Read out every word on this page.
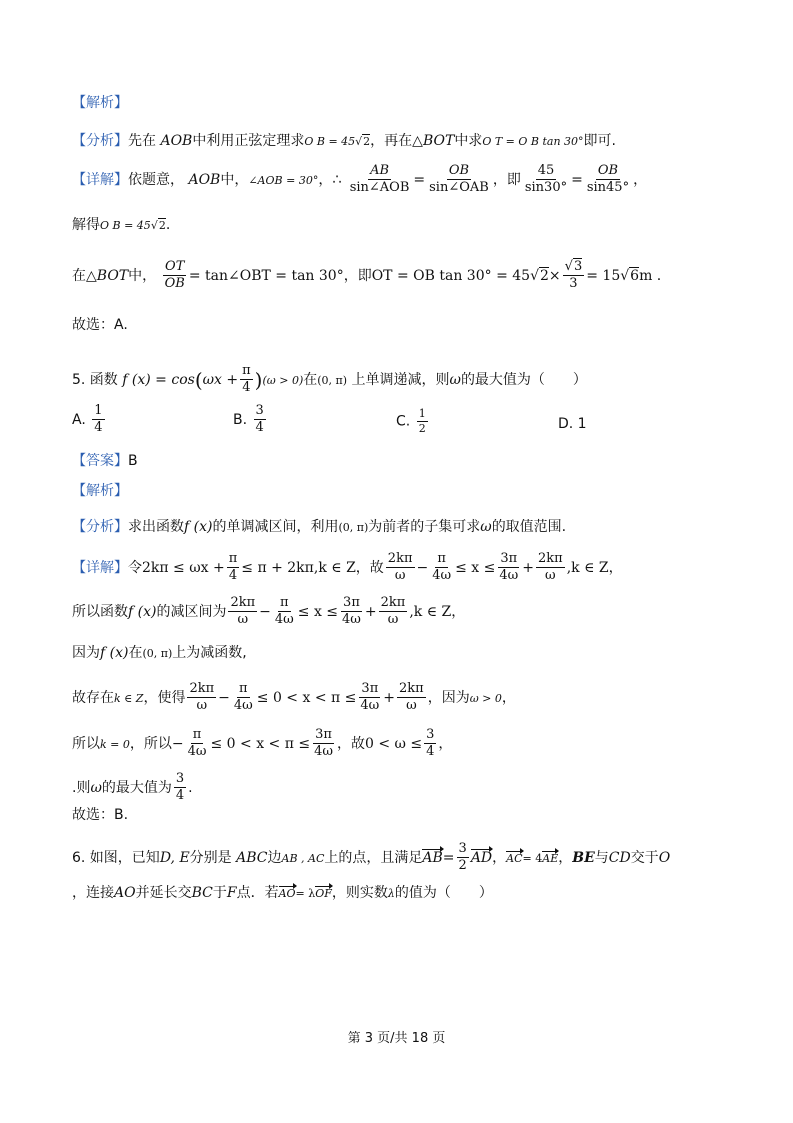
【解析】
【分析】先在 AOB中利用正弦定理求O B = 45√2，再在△BOT中求O T = O B tan 30°即可.
【详解】依题意， AOB中，∠AOB = 30°，∴ $\frac{AB}{\text{sin∠AOB}} = \frac{OB}{\text{sin∠OAB}}$ ，即 $\frac{45}{\sin 30^\circ} = \frac{OB}{\sin 45^\circ}$ ，
解得O B = 45√2.
在△BOT中， $\frac{OT}{OB}$ = tan∠OBT = tan 30°，即OT = OB $\tan 30^\circ = 45√2\times \frac{√3}{3} = 15√6m$ .
故选：A.
5. 函数 f $(x) = \cos(\omega x + \frac{\pi}{4} )(\omega > 0)$在(0, π) 上单调递减，则ω的最大值为（　　）
A. $\frac{1}{4}$	B. $\frac{3}{4}$	C. $\frac{1}{2}$	D. 1
【答案】B
【解析】
【分析】求出函数f (x)的单调减区间，利用(0, π)为前者的子集可求ω的取值范围.
【详解】令$2k\pi \le \omega x + \frac{\pi}{4} \le \pi + 2k\pi,k$ ∈ Z，故 $\frac{2k\pi}{\omega} - \frac{\pi}{4\omega} \le x \le \frac{3\pi}{4\omega} + \frac{2k\pi}{\omega} ,k$ ∈ Z，
所以函数f (x)的减区间为 $\frac{2k\pi}{\omega} - \frac{\pi}{4\omega} \le x \le \frac{3\pi}{4\omega} + \frac{2k\pi}{\omega} ,k$ ∈ Z，
因为f (x)在(0, π)上为减函数,
故存在k ∈ Z，使得 $\frac{2k\pi}{\omega} - \frac{\pi}{4\omega} \le 0 < x < \pi \le \frac{3\pi}{4\omega} + \frac{2k\pi}{\omega}$ ，因为ω > 0，
所以k = 0，所以− $\frac{\pi}{4\omega} \le 0 < x < \pi \le \frac{3\pi}{4\omega}$ ，故$0 < \omega \le \frac{3}{4}$ ，
.则ω的最大值为 $\frac{3}{4}$ .
故选：B.
6. 如图，已知D, E分别是 ABC边AB , AC上的点，且满足$AB= \frac{3}{2}$ AD，AC= 4AE，BE与CD交于O
，连接AO并延长交BC于F点．若AO= λOF，则实数λ的值为（　　）
第 3 页/共 18 页
